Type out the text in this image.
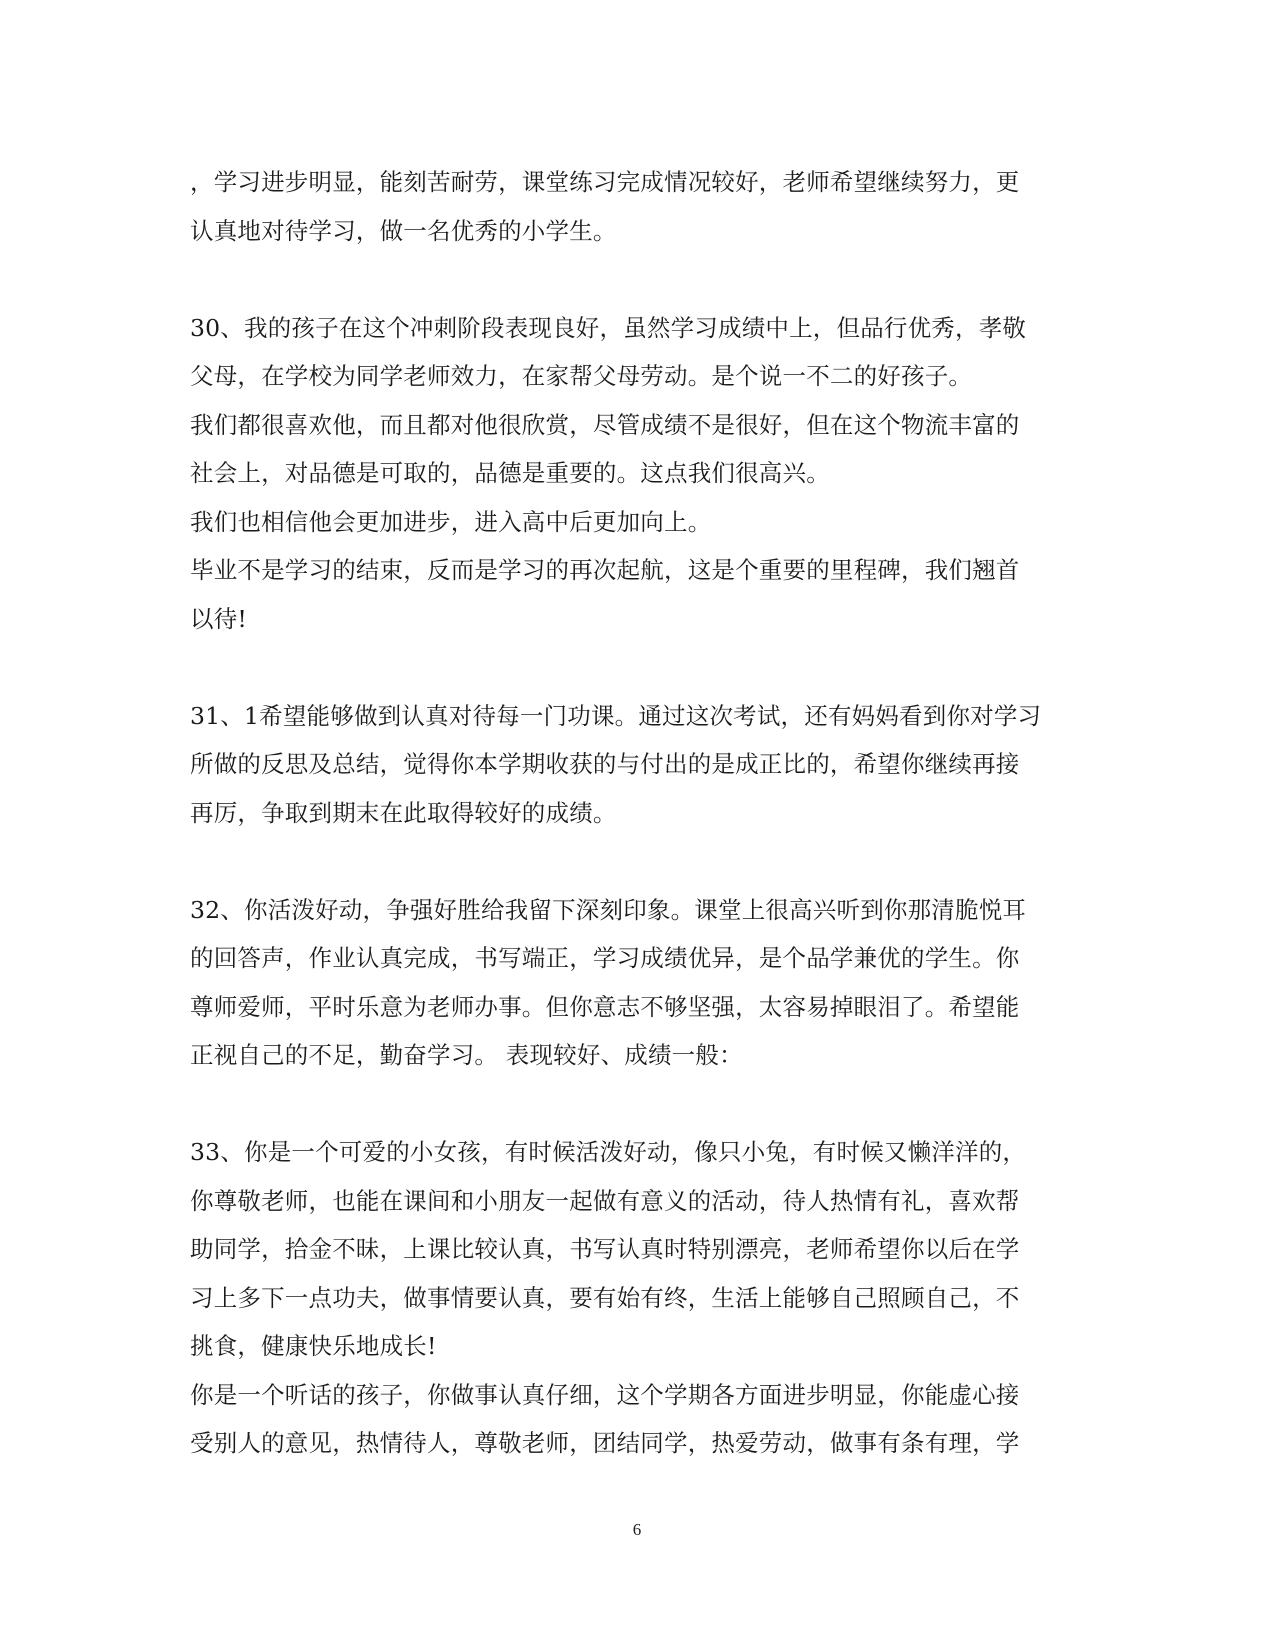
，学习进步明显，能刻苦耐劳，课堂练习完成情况较好，老师希望继续努力，更
认真地对待学习，做一名优秀的小学生。
30、我的孩子在这个冲刺阶段表现良好，虽然学习成绩中上，但品行优秀，孝敬
父母，在学校为同学老师效力，在家帮父母劳动。是个说一不二的好孩子。
我们都很喜欢他，而且都对他很欣赏，尽管成绩不是很好，但在这个物流丰富的
社会上，对品德是可取的，品德是重要的。这点我们很高兴。
我们也相信他会更加进步，进入高中后更加向上。
毕业不是学习的结束，反而是学习的再次起航，这是个重要的里程碑，我们翘首
以待!
31、1希望能够做到认真对待每一门功课。通过这次考试，还有妈妈看到你对学习
所做的反思及总结，觉得你本学期收获的与付出的是成正比的，希望你继续再接
再厉，争取到期末在此取得较好的成绩。
32、你活泼好动，争强好胜给我留下深刻印象。课堂上很高兴听到你那清脆悦耳
的回答声，作业认真完成，书写端正，学习成绩优异，是个品学兼优的学生。你
尊师爱师，平时乐意为老师办事。但你意志不够坚强，太容易掉眼泪了。希望能
正视自己的不足，勤奋学习。 表现较好、成绩一般：
33、你是一个可爱的小女孩，有时候活泼好动，像只小兔，有时候又懒洋洋的，
你尊敬老师，也能在课间和小朋友一起做有意义的活动，待人热情有礼，喜欢帮
助同学，拾金不昧，上课比较认真，书写认真时特别漂亮，老师希望你以后在学
习上多下一点功夫，做事情要认真，要有始有终，生活上能够自己照顾自己，不
挑食，健康快乐地成长!
你是一个听话的孩子，你做事认真仔细，这个学期各方面进步明显，你能虚心接
受别人的意见，热情待人，尊敬老师，团结同学，热爱劳动，做事有条有理，学
6
